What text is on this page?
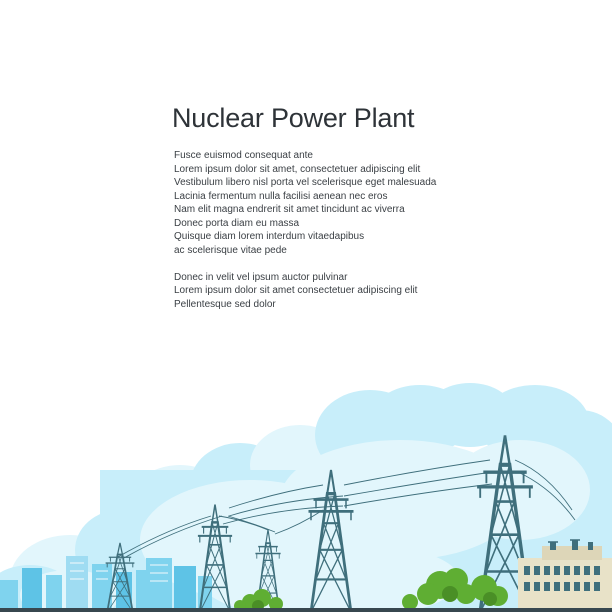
Nuclear Power Plant

Fusce euismod consequat ante
Lorem ipsum dolor sit amet, consectetuer adipiscing elit
Vestibulum libero nisl porta vel scelerisque eget malesuada
Lacinia fermentum nulla facilisi aenean nec eros
Nam elit magna endrerit sit amet tincidunt ac viverra
Donec porta diam eu massa
Quisque diam lorem interdum vitaedapibus
ac scelerisque vitae pede

Donec in velit vel ipsum auctor pulvinar
Lorem ipsum dolor sit amet consectetuer adipiscing elit
Pellentesque sed dolor
